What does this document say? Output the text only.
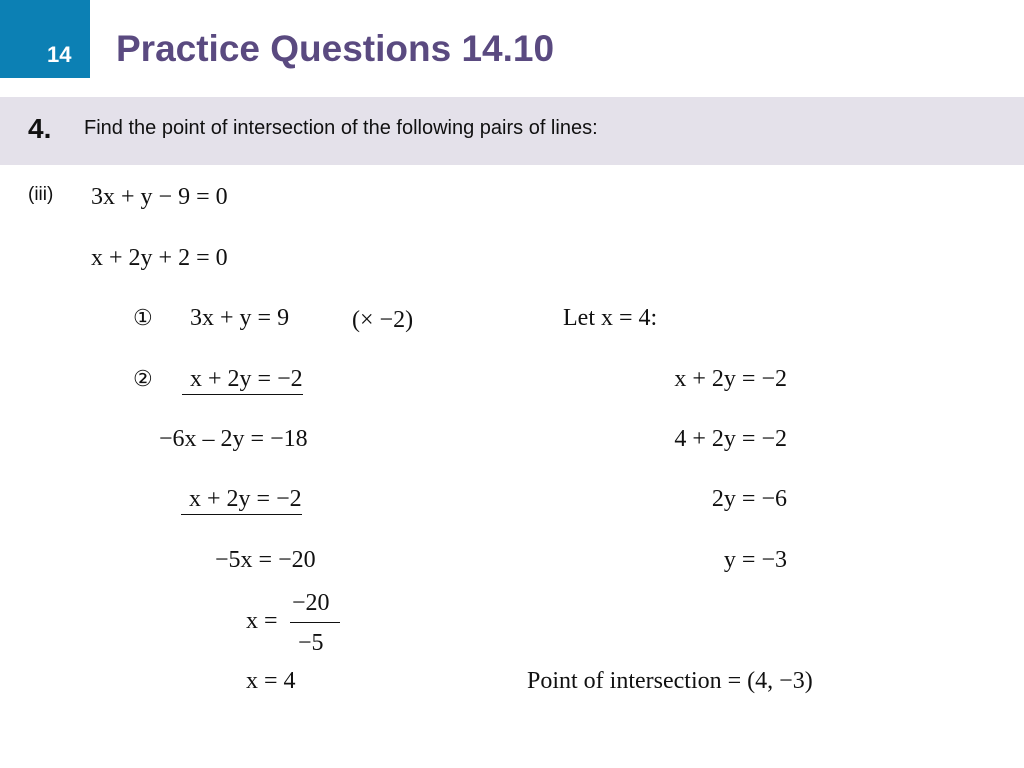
14 Practice Questions 14.10
4. Find the point of intersection of the following pairs of lines:
(iii) 3x + y − 9 = 0
x + 2y + 2 = 0
① 3x + y = 9	(× −2)
②	x + 2y = −2
−6x – 2y = −18
x + 2y = −2
−5x = −20
x =
−20
−5
x = 4
Let x = 4:
x + 2y = −2
4 + 2y = −2
2y = −6
y = −3
Point of intersection = (4, −3)
